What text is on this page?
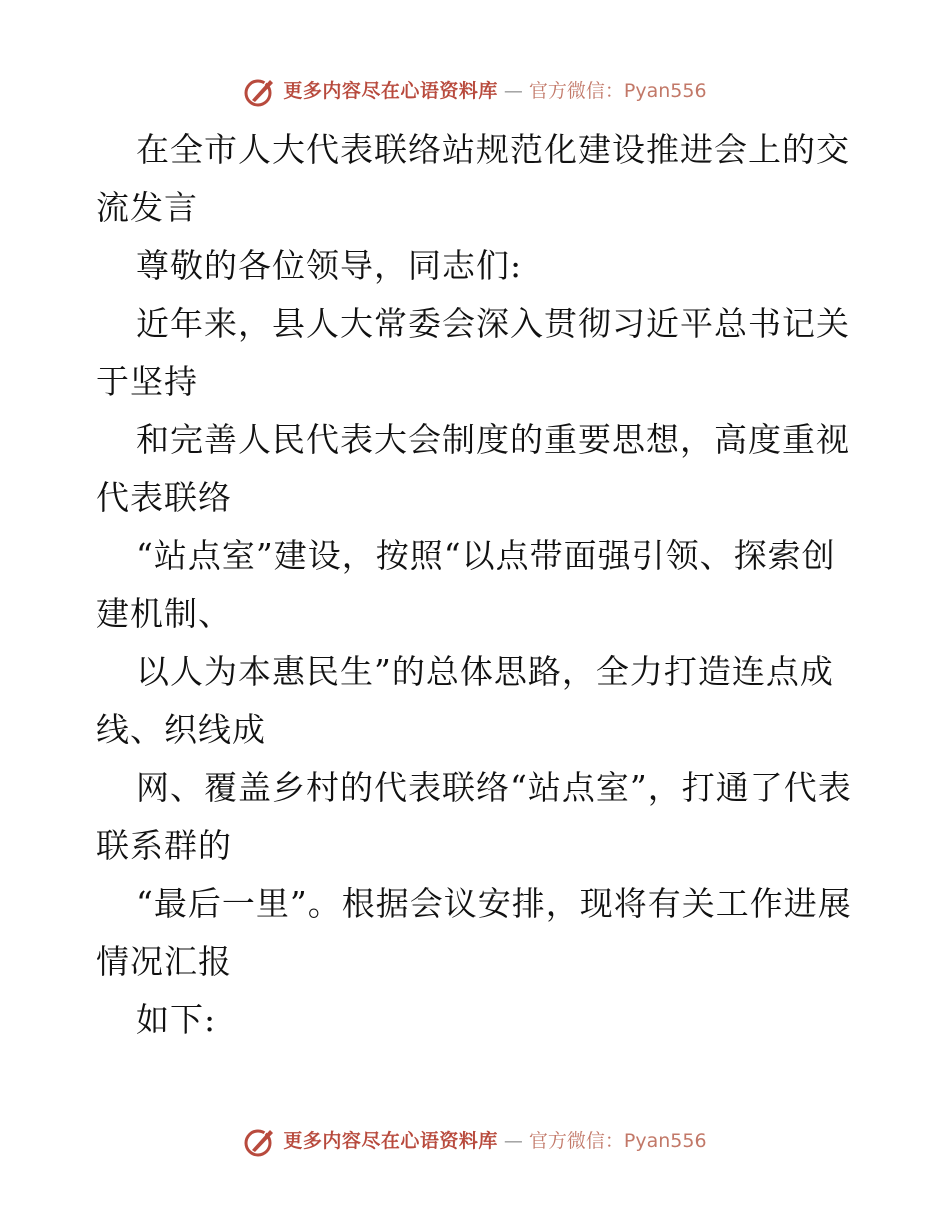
更多内容尽在心语资料库 — 官方微信：Pyan556

在全市人大代表联络站规范化建设推进会上的交流发言

尊敬的各位领导，同志们:

近年来，县人大常委会深入贯彻习近平总书记关于坚持

和完善人民代表大会制度的重要思想，高度重视代表联络

“站点室”建设，按照“以点带面强引领、探索创建机制、

以人为本惠民生”的总体思路，全力打造连点成线、织线成

网、覆盖乡村的代表联络“站点室”，打通了代表联系群的

“最后一里”。根据会议安排，现将有关工作进展情况汇报

如下:

更多内容尽在心语资料库 — 官方微信：Pyan556
